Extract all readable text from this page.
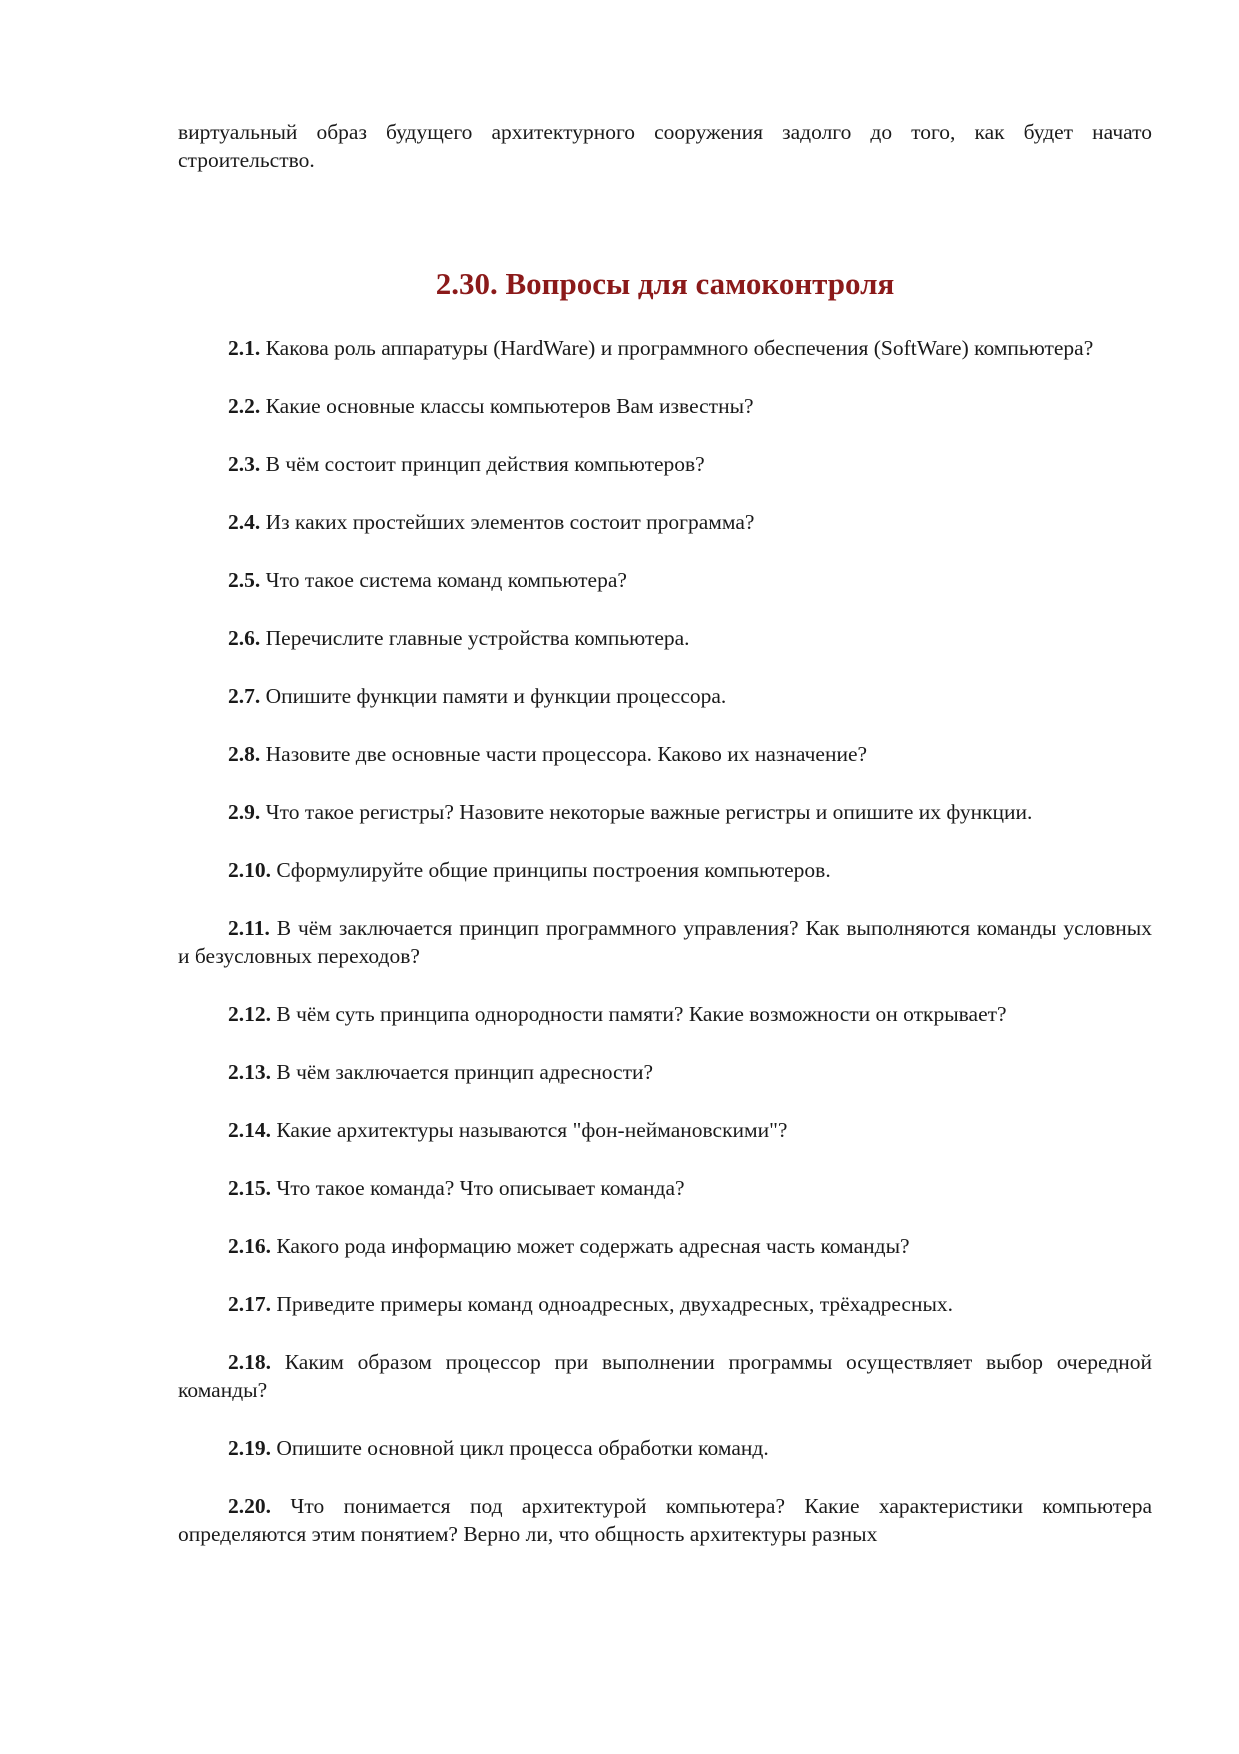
виртуальный образ будущего архитектурного сооружения задолго до того, как будет начато строительство.

2.30. Вопросы для самоконтроля

2.1. Какова роль аппаратуры (HardWare) и программного обеспечения (SoftWare) компьютера?

2.2. Какие основные классы компьютеров Вам известны?

2.3. В чём состоит принцип действия компьютеров?

2.4. Из каких простейших элементов состоит программа?

2.5. Что такое система команд компьютера?

2.6. Перечислите главные устройства компьютера.

2.7. Опишите функции памяти и функции процессора.

2.8. Назовите две основные части процессора. Каково их назначение?

2.9. Что такое регистры? Назовите некоторые важные регистры и опишите их функции.

2.10. Сформулируйте общие принципы построения компьютеров.

2.11. В чём заключается принцип программного управления? Как выполняются команды условных и безусловных переходов?

2.12. В чём суть принципа однородности памяти? Какие возможности он открывает?

2.13. В чём заключается принцип адресности?

2.14. Какие архитектуры называются "фон-неймановскими"?

2.15. Что такое команда? Что описывает команда?

2.16. Какого рода информацию может содержать адресная часть команды?

2.17. Приведите примеры команд одноадресных, двухадресных, трёхадресных.

2.18. Каким образом процессор при выполнении программы осуществляет выбор очередной команды?

2.19. Опишите основной цикл процесса обработки команд.

2.20. Что понимается под архитектурой компьютера? Какие характеристики компьютера определяются этим понятием? Верно ли, что общность архитектуры разных
